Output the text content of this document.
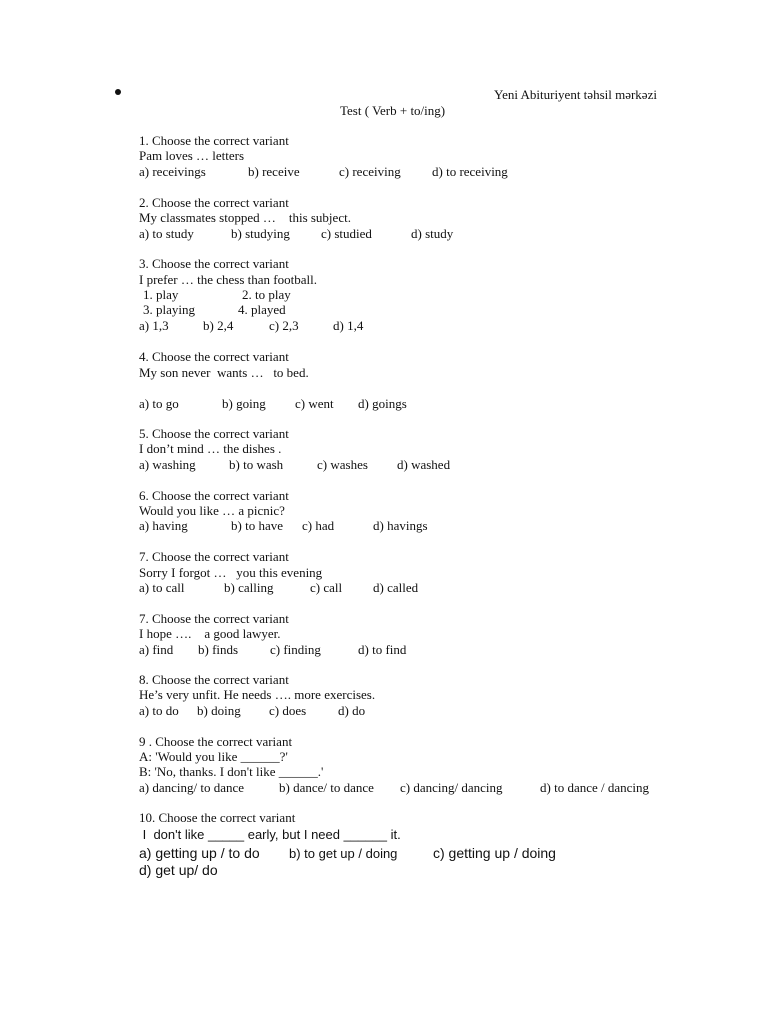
Yeni Abituriyent təhsil mərkəzi
Test ( Verb + to/ing)
1. Choose the correct variant
Pam loves … letters
a) receivings	b) receive	c) receiving d) to receiving
2. Choose the correct variant
My classmates stopped …    this subject.
a) to study	b) studying c) studied	d) study
3. Choose the correct variant
I prefer … the chess than football.
1. play	2. to play
3. playing	4. played
a) 1,3	b) 2,4	c) 2,3	d) 1,4
4. Choose the correct variant
My son never  wants …   to bed.
a) to go	b) going c) went d) goings
5. Choose the correct variant
I don’t mind … the dishes .
a) washing	b) to wash	c) washes d) washed
6. Choose the correct variant
Would you like … a picnic?
a) having	b) to have c) had	d) havings
7. Choose the correct variant
Sorry I forgot …   you this evening
a) to call	b) calling	c) call d) called
7. Choose the correct variant
I hope ….    a good lawyer.
a) find b) finds c) finding	d) to find
8. Choose the correct variant
He’s very unfit. He needs …. more exercises.
a) to do b) doing c) does d) do
9 . Choose the correct variant
A: 'Would you like ______?'
B: 'No, thanks. I don't like ______.'
a) dancing/ to dance	b) dance/ to dance c) dancing/ dancing	d) to dance / dancing
10. Choose the correct variant
I  don't like _____ early, but I need ______ it.
a) getting up / to do b) to get up / doing	c) getting up / doing
d) get up/ do
